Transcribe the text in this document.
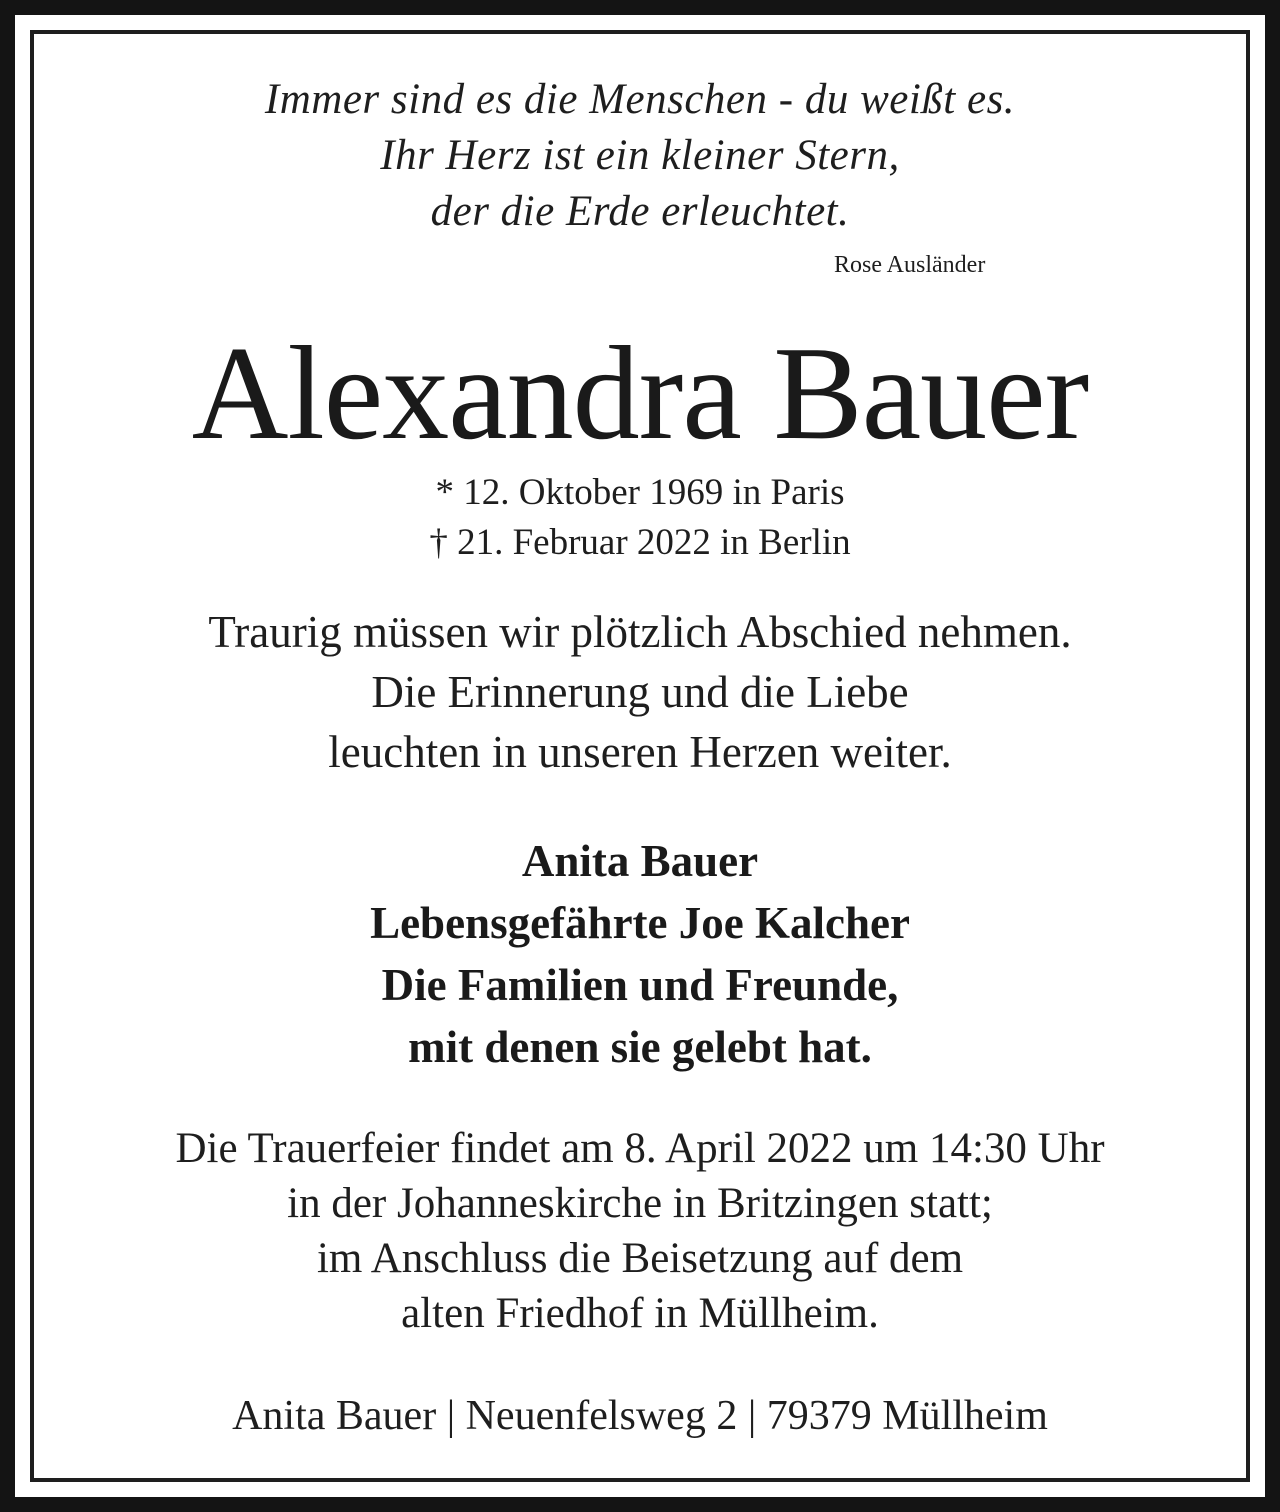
Immer sind es die Menschen - du weißt es.

Ihr Herz ist ein kleiner Stern,

der die Erde erleuchtet.

Rose Ausländer
Alexandra Bauer

* 12. Oktober 1969 in Paris

† 21. Februar 2022 in Berlin

Traurig müssen wir plötzlich Abschied nehmen.

Die Erinnerung und die Liebe

leuchten in unseren Herzen weiter.

Anita Bauer

Lebensgefährte Joe Kalcher

Die Familien und Freunde,

mit denen sie gelebt hat.

Die Trauerfeier findet am 8. April 2022 um 14:30 Uhr

in der Johanneskirche in Britzingen statt;

im Anschluss die Beisetzung auf dem

alten Friedhof in Müllheim.

Anita Bauer | Neuenfelsweg 2 | 79379 Müllheim
